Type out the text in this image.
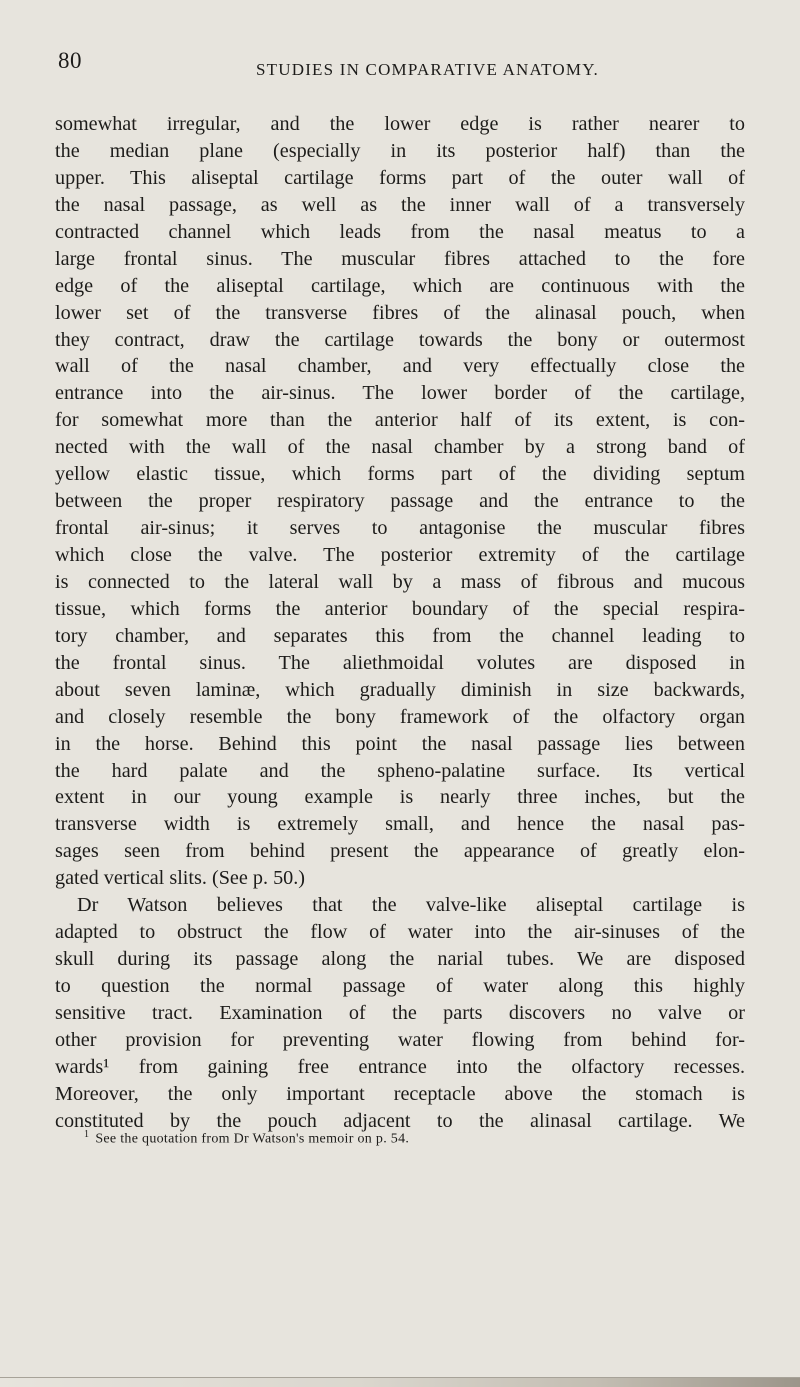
80	STUDIES IN COMPARATIVE ANATOMY.
somewhat irregular, and the lower edge is rather nearer to
the median plane (especially in its posterior half) than the
upper. This aliseptal cartilage forms part of the outer wall of
the nasal passage, as well as the inner wall of a transversely
contracted channel which leads from the nasal meatus to a
large frontal sinus. The muscular fibres attached to the fore
edge of the aliseptal cartilage, which are continuous with the
lower set of the transverse fibres of the alinasal pouch, when
they contract, draw the cartilage towards the bony or outermost
wall of the nasal chamber, and very effectually close the
entrance into the air-sinus. The lower border of the cartilage,
for somewhat more than the anterior half of its extent, is con-
nected with the wall of the nasal chamber by a strong band of
yellow elastic tissue, which forms part of the dividing septum
between the proper respiratory passage and the entrance to the
frontal air-sinus; it serves to antagonise the muscular fibres
which close the valve. The posterior extremity of the cartilage
is connected to the lateral wall by a mass of fibrous and mucous
tissue, which forms the anterior boundary of the special respira-
tory chamber, and separates this from the channel leading to
the frontal sinus. The aliethmoidal volutes are disposed in
about seven laminæ, which gradually diminish in size backwards,
and closely resemble the bony framework of the olfactory organ
in the horse. Behind this point the nasal passage lies between
the hard palate and the spheno-palatine surface. Its vertical
extent in our young example is nearly three inches, but the
transverse width is extremely small, and hence the nasal pas-
sages seen from behind present the appearance of greatly elon-
gated vertical slits. (See p. 50.)
Dr Watson believes that the valve-like aliseptal cartilage is
adapted to obstruct the flow of water into the air-sinuses of the
skull during its passage along the narial tubes. We are disposed
to question the normal passage of water along this highly
sensitive tract. Examination of the parts discovers no valve or
other provision for preventing water flowing from behind for-
wards¹ from gaining free entrance into the olfactory recesses.
Moreover, the only important receptacle above the stomach is
constituted by the pouch adjacent to the alinasal cartilage. We
$^1$ See the quotation from Dr Watson's memoir on p. 54.
